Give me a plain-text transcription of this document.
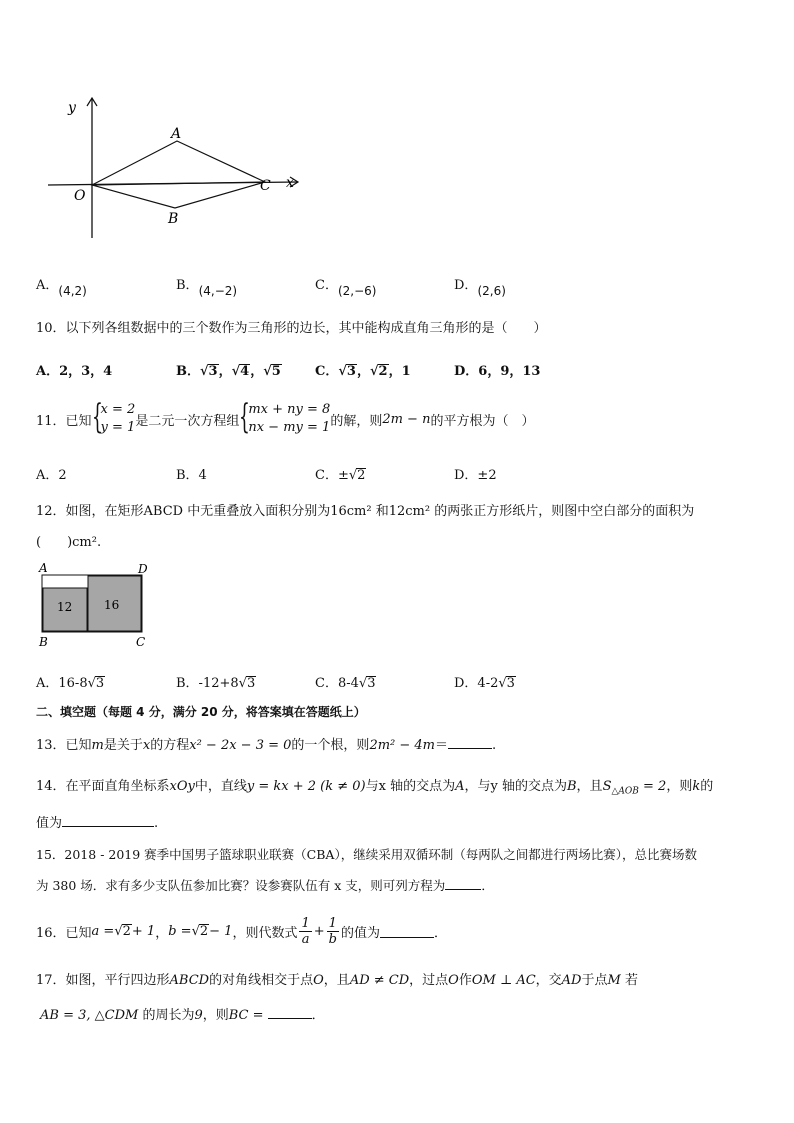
y
x
O
A
B
C
A．(4,2)	B．(4,−2)	C．(2,−6)	D．(2,6)
10．以下列各组数据中的三个数作为三角形的边长，其中能构成直角三角形的是（　　）
A．2，3，4	B．√3，√4，√5	C．√3，√2，1	D．6，9，13
11．已知 {
x = 2
y = 1 是二元一次方程组 {
mx + ny = 8
nx − my = 1 的解，则 2m − n 的平方根为（　）
A．2	B．4	C．±√2	D．±2
12．如图，在矩形ABCD 中无重叠放入面积分别为16cm² 和12cm² 的两张正方形纸片，则图中空白部分的面积为
(　　)cm².
12	16
A	D
B	C
A．16-8√3	B．-12+8√3	C．8-4√3	D．4-2√3
二、填空题（每题 4 分，满分 20 分，将答案填在答题纸上）
13．已知m是关于x的方程x² − 2x − 3 = 0的一个根，则2m² − 4m＝	.
14．在平面直角坐标系xOy中，直线y = kx + 2 (k ≠ 0)与x 轴的交点为A，与y 轴的交点为B，且$S_{\triangle AOB} = 2$，则k的
值为	.
15．2018 - 2019 赛季中国男子篮球职业联赛（CBA），继续采用双循环制（每两队之间都进行两场比赛），总比赛场数
为 380 场．求有多少支队伍参加比赛？设参赛队伍有 x 支，则可列方程为	．
16．已知 a = √ 2 + 1 ， b = √ 2 − 1 ，则代数式 $\frac{1}{a} + \frac{1}{b}$ 的值为	．
17．如图，平行四边形ABCD的对角线相交于点O，且AD ≠ CD，过点O作OM ⊥ AC，交AD于点M 若
AB = 3, △CDM 的周长为9，则BC =	．
